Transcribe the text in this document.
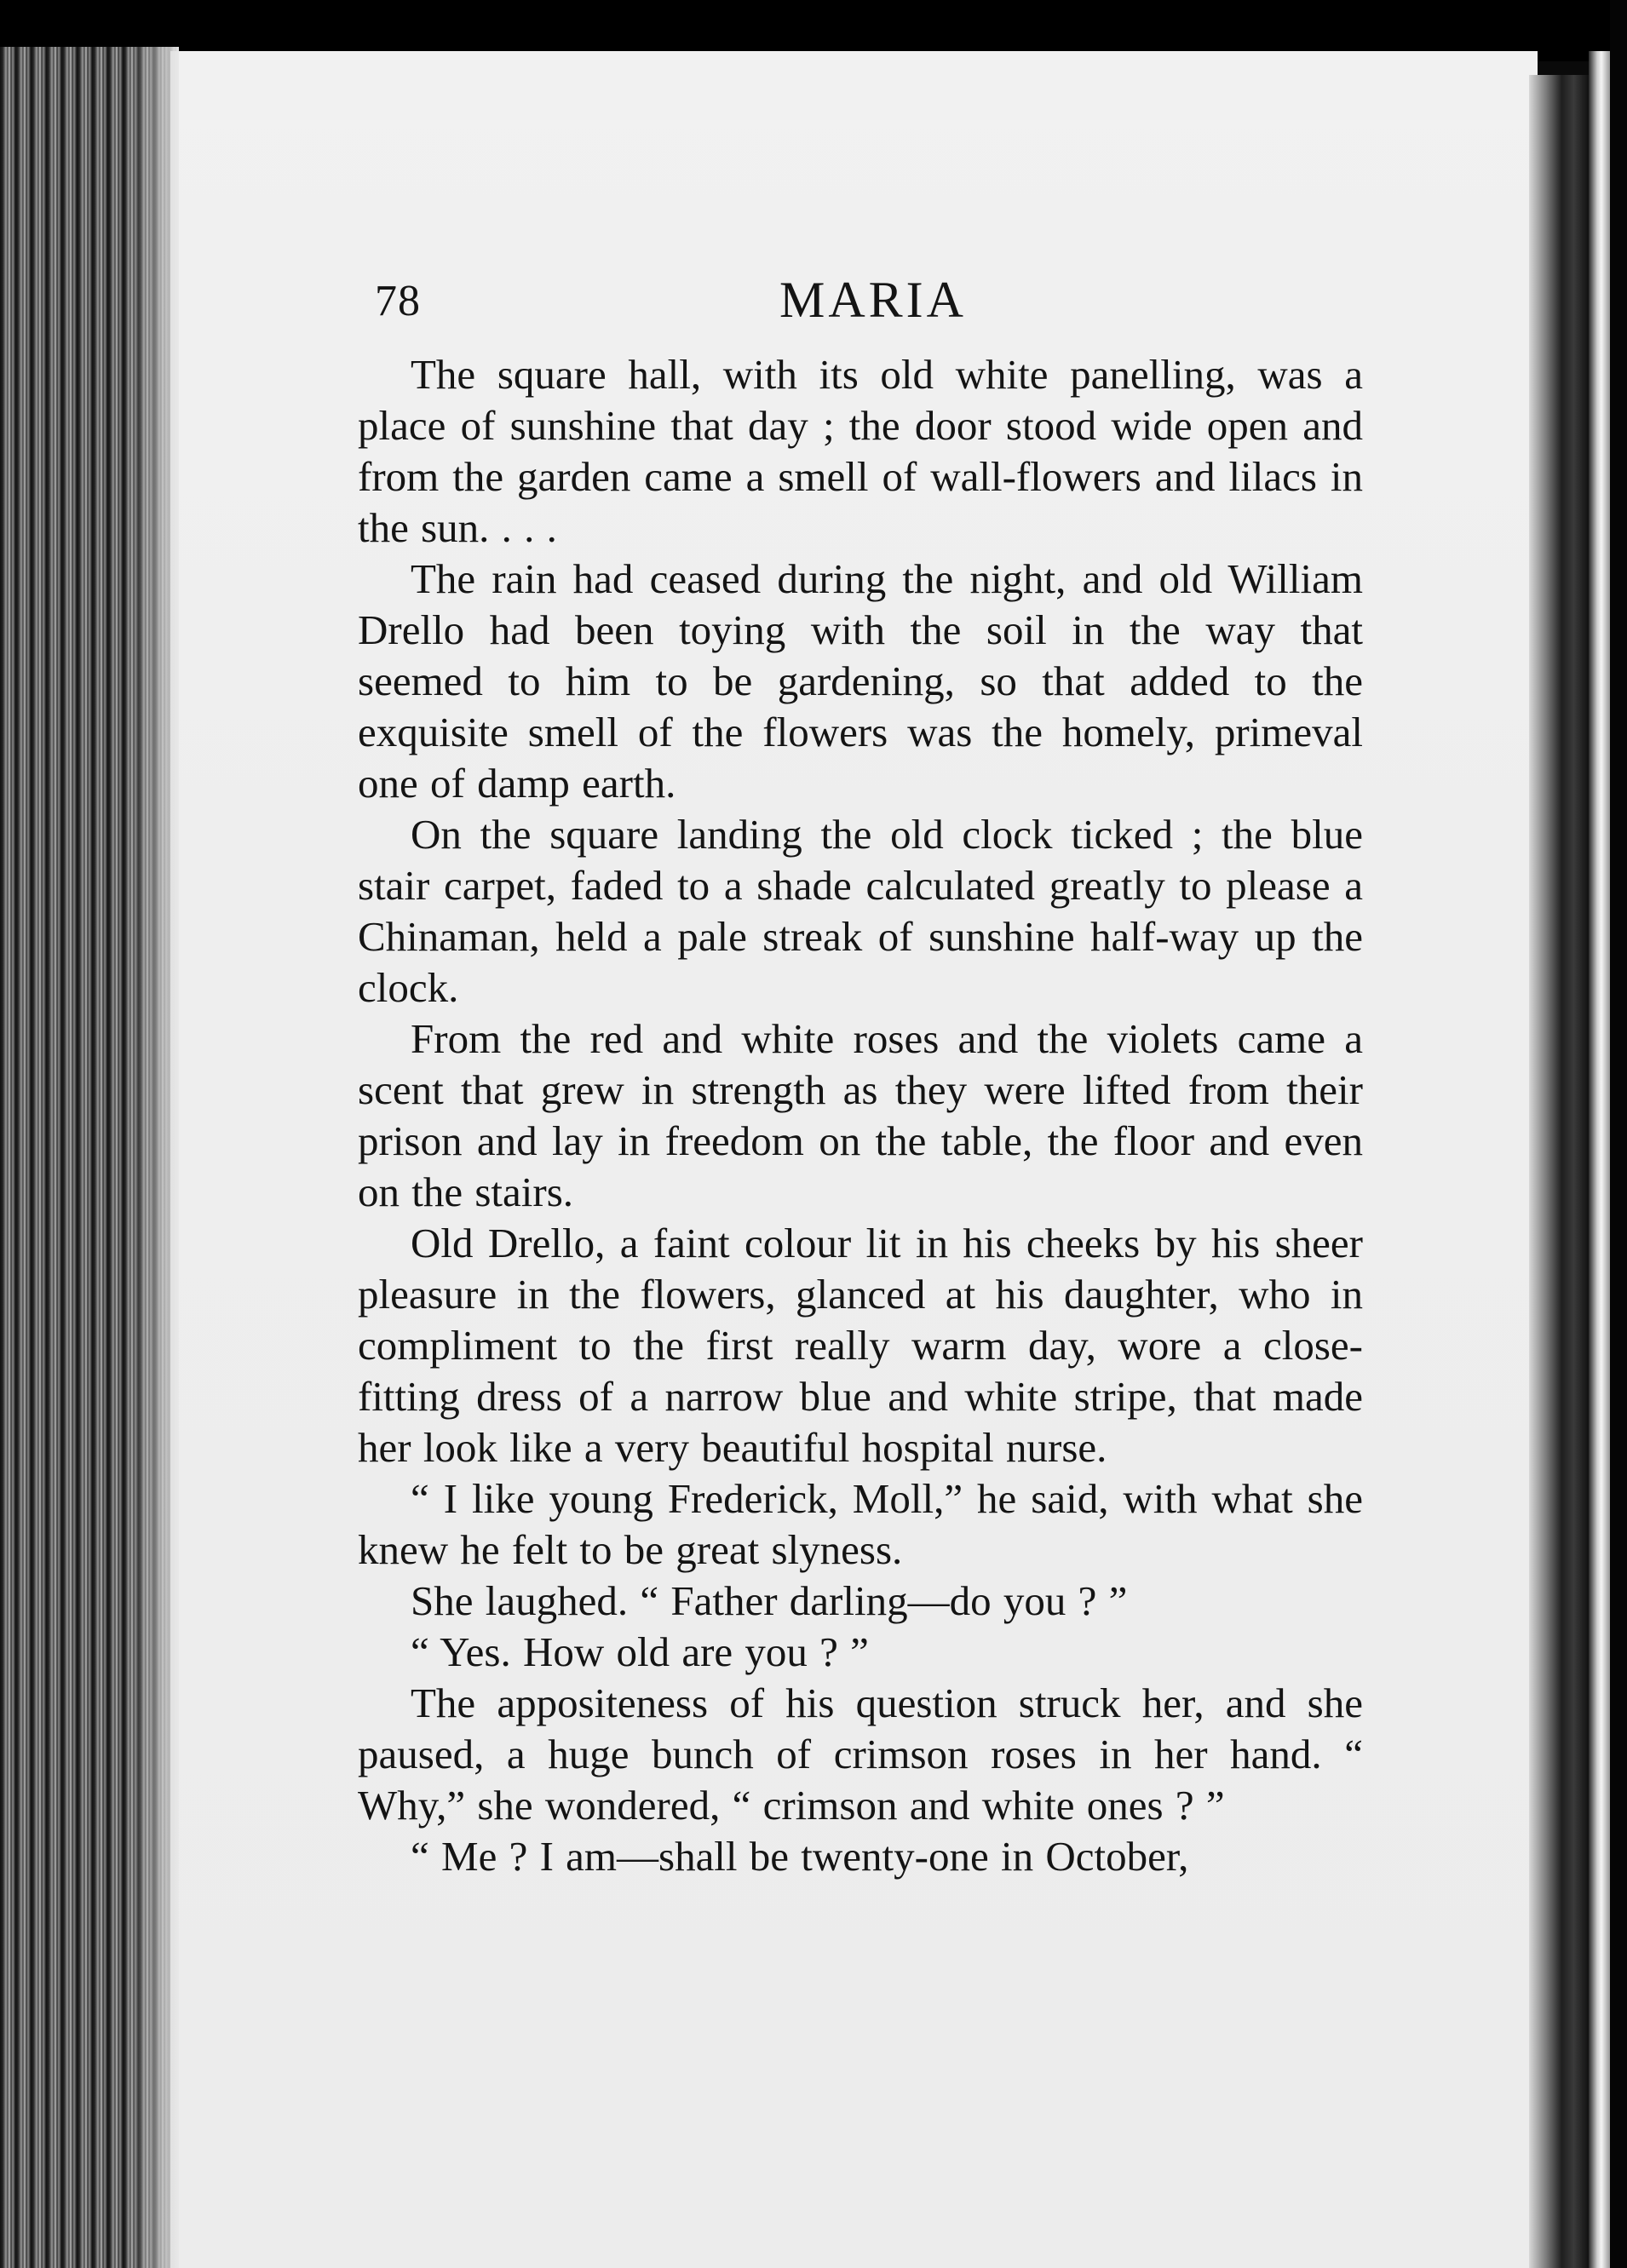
78	MARIA

The square hall, with its old white panelling, was a place of sunshine that day ; the door stood wide open and from the garden came a smell of wall-flowers and lilacs in the sun. . . .

The rain had ceased during the night, and old William Drello had been toying with the soil in the way that seemed to him to be gardening, so that added to the exquisite smell of the flowers was the homely, primeval one of damp earth.

On the square landing the old clock ticked ; the blue stair carpet, faded to a shade calculated greatly to please a Chinaman, held a pale streak of sunshine half-way up the clock.

From the red and white roses and the violets came a scent that grew in strength as they were lifted from their prison and lay in freedom on the table, the floor and even on the stairs.

Old Drello, a faint colour lit in his cheeks by his sheer pleasure in the flowers, glanced at his daughter, who in compliment to the first really warm day, wore a close-fitting dress of a narrow blue and white stripe, that made her look like a very beautiful hospital nurse.

“ I like young Frederick, Moll,” he said, with what she knew he felt to be great slyness.

She laughed. “ Father darling—do you ? ”

“ Yes. How old are you ? ”

The appositeness of his question struck her, and she paused, a huge bunch of crimson roses in her hand. “ Why,” she wondered, “ crimson and white ones ? ”

“ Me ? I am—shall be twenty-one in October,
